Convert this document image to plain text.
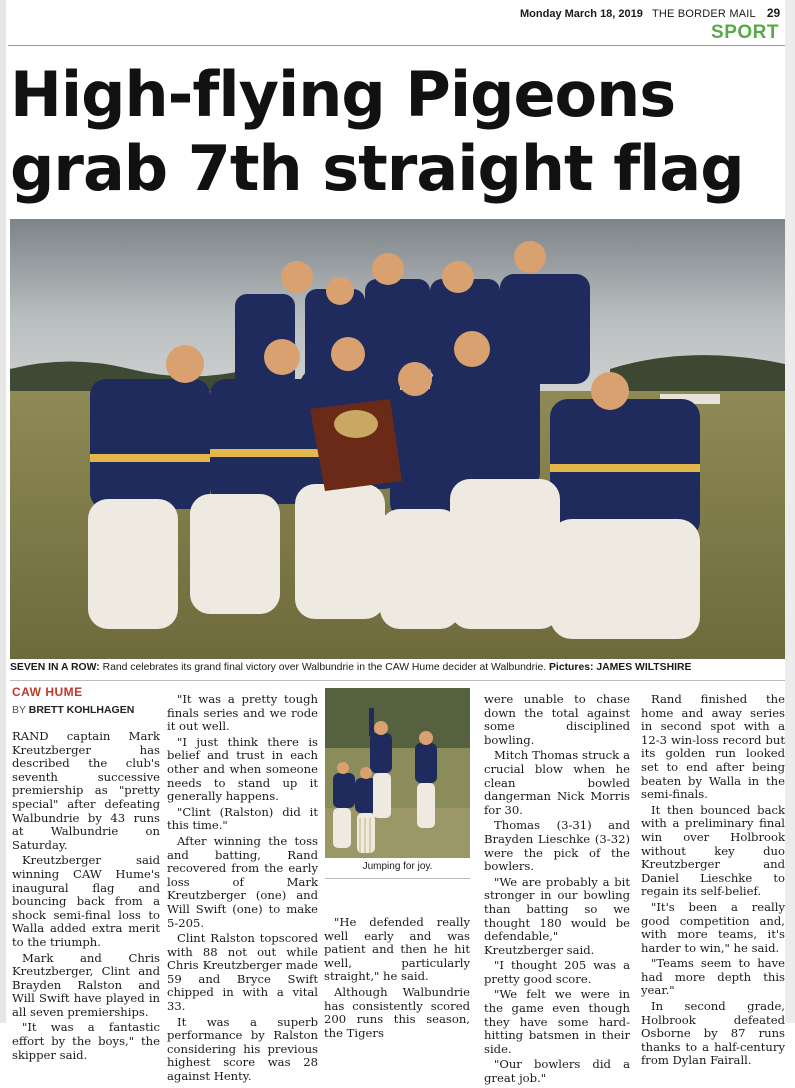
Monday March 18, 2019 THE BORDER MAIL 29
SPORT
High-flying Pigeons
grab 7th straight flag
SEVEN IN A ROW: Rand celebrates its grand final victory over Walbundrie in the CAW Hume decider at Walbundrie. Pictures: JAMES WILTSHIRE
CAW HUME
BY BRETT KOHLHAGEN

RAND captain Mark Kreutzberger has described the club's seventh successive premiership as "pretty special" after defeating Walbundrie by 43 runs at Walbundrie on Saturday.

Kreutzberger said winning CAW Hume's inaugural flag and bouncing back from a shock semi-final loss to Walla added extra merit to the triumph.

Mark and Chris Kreutzberger, Clint and Brayden Ralston and Will Swift have played in all seven premierships.

"It was a fantastic effort by the boys," the skipper said.

"It was a pretty tough finals series and we rode it out well.

"I just think there is belief and trust in each other and when someone needs to stand up it generally happens.

"Clint (Ralston) did it this time."

After winning the toss and batting, Rand recovered from the early loss of Mark Kreutzberger (one) and Will Swift (one) to make 5-205.

Clint Ralston topscored with 88 not out while Chris Kreutzberger made 59 and Bryce Swift chipped in with a vital 33.

It was a superb performance by Ralston considering his previous highest score was 28 against Henty.

Jumping for joy.

"He defended really well early and was patient and then he hit well, particularly straight," he said.

Although Walbundrie has consistently scored 200 runs this season, the Tigers

were unable to chase down the total against some disciplined bowling.

Mitch Thomas struck a crucial blow when he clean bowled dangerman Nick Morris for 30.

Thomas (3-31) and Brayden Lieschke (3-32) were the pick of the bowlers.

"We are probably a bit stronger in our bowling than batting so we thought 180 would be defendable," Kreutzberger said.

"I thought 205 was a pretty good score.

"We felt we were in the game even though they have some hard-hitting batsmen in their side.

"Our bowlers did a great job."

Rand finished the home and away series in second spot with a 12-3 win-loss record but its golden run looked set to end after being beaten by Walla in the semi-finals.

It then bounced back with a preliminary final win over Holbrook without key duo Kreutzberger and Daniel Lieschke to regain its self-belief.

"It's been a really good competition and, with more teams, it's harder to win," he said.

"Teams seem to have had more depth this year."

In second grade, Holbrook defeated Osborne by 87 runs thanks to a half-century from Dylan Fairall.
